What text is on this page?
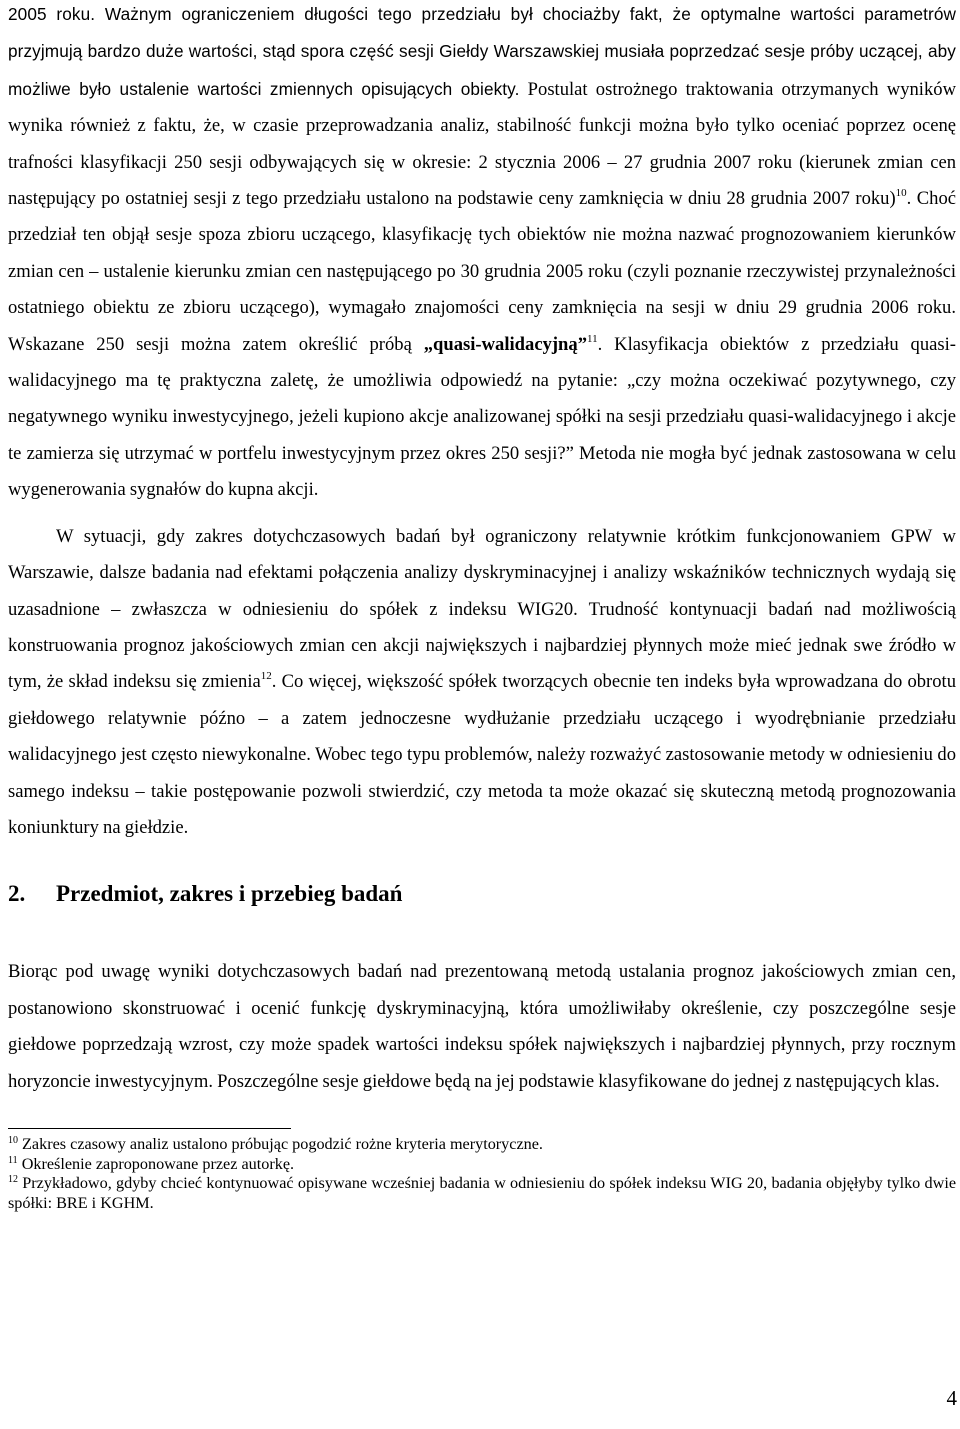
2005 roku. Ważnym ograniczeniem długości tego przedziału był chociażby fakt, że optymalne wartości parametrów przyjmują bardzo duże wartości, stąd spora część sesji Giełdy Warszawskiej musiała poprzedzać sesje próby uczącej, aby możliwe było ustalenie wartości zmiennych opisujących obiekty. Postulat ostrożnego traktowania otrzymanych wyników wynika również z faktu, że, w czasie przeprowadzania analiz, stabilność funkcji można było tylko oceniać poprzez ocenę trafności klasyfikacji 250 sesji odbywających się w okresie: 2 stycznia 2006 – 27 grudnia 2007 roku (kierunek zmian cen następujący po ostatniej sesji z tego przedziału ustalono na podstawie ceny zamknięcia w dniu 28 grudnia 2007 roku)$^{10}$. Choć przedział ten objął sesje spoza zbioru uczącego, klasyfikację tych obiektów nie można nazwać prognozowaniem kierunków zmian cen – ustalenie kierunku zmian cen następującego po 30 grudnia 2005 roku (czyli poznanie rzeczywistej przynależności ostatniego obiektu ze zbioru uczącego), wymagało znajomości ceny zamknięcia na sesji w dniu 29 grudnia 2006 roku. Wskazane 250 sesji można zatem określić próbą „quasi-walidacyjną”$^{11}$. Klasyfikacja obiektów z przedziału quasi-walidacyjnego ma tę praktyczna zaletę, że umożliwia odpowiedź na pytanie: „czy można oczekiwać pozytywnego, czy negatywnego wyniku inwestycyjnego, jeżeli kupiono akcje analizowanej spółki na sesji przedziału quasi-walidacyjnego i akcje te zamierza się utrzymać w portfelu inwestycyjnym przez okres 250 sesji?” Metoda nie mogła być jednak zastosowana w celu wygenerowania sygnałów do kupna akcji.

W sytuacji, gdy zakres dotychczasowych badań był ograniczony relatywnie krótkim funkcjonowaniem GPW w Warszawie, dalsze badania nad efektami połączenia analizy dyskryminacyjnej i analizy wskaźników technicznych wydają się uzasadnione – zwłaszcza w odniesieniu do spółek z indeksu WIG20. Trudność kontynuacji badań nad możliwością konstruowania prognoz jakościowych zmian cen akcji największych i najbardziej płynnych może mieć jednak swe źródło w tym, że skład indeksu się zmienia$^{12}$. Co więcej, większość spółek tworzących obecnie ten indeks była wprowadzana do obrotu giełdowego relatywnie późno – a zatem jednoczesne wydłużanie przedziału uczącego i wyodrębnianie przedziału walidacyjnego jest często niewykonalne. Wobec tego typu problemów, należy rozważyć zastosowanie metody w odniesieniu do samego indeksu – takie postępowanie pozwoli stwierdzić, czy metoda ta może okazać się skuteczną metodą prognozowania koniunktury na giełdzie.

2. Przedmiot, zakres i przebieg badań

Biorąc pod uwagę wyniki dotychczasowych badań nad prezentowaną metodą ustalania prognoz jakościowych zmian cen, postanowiono skonstruować i ocenić funkcję dyskryminacyjną, która umożliwiłaby określenie, czy poszczególne sesje giełdowe poprzedzają wzrost, czy może spadek wartości indeksu spółek największych i najbardziej płynnych, przy rocznym horyzoncie inwestycyjnym. Poszczególne sesje giełdowe będą na jej podstawie klasyfikowane do jednej z następujących klas.

$^{10}$ Zakres czasowy analiz ustalono próbując pogodzić rożne kryteria merytoryczne.

$^{11}$ Określenie zaproponowane przez autorkę.

$^{12}$ Przykładowo, gdyby chcieć kontynuować opisywane wcześniej badania w odniesieniu do spółek indeksu WIG 20, badania objęłyby tylko dwie spółki: BRE i KGHM.

4
